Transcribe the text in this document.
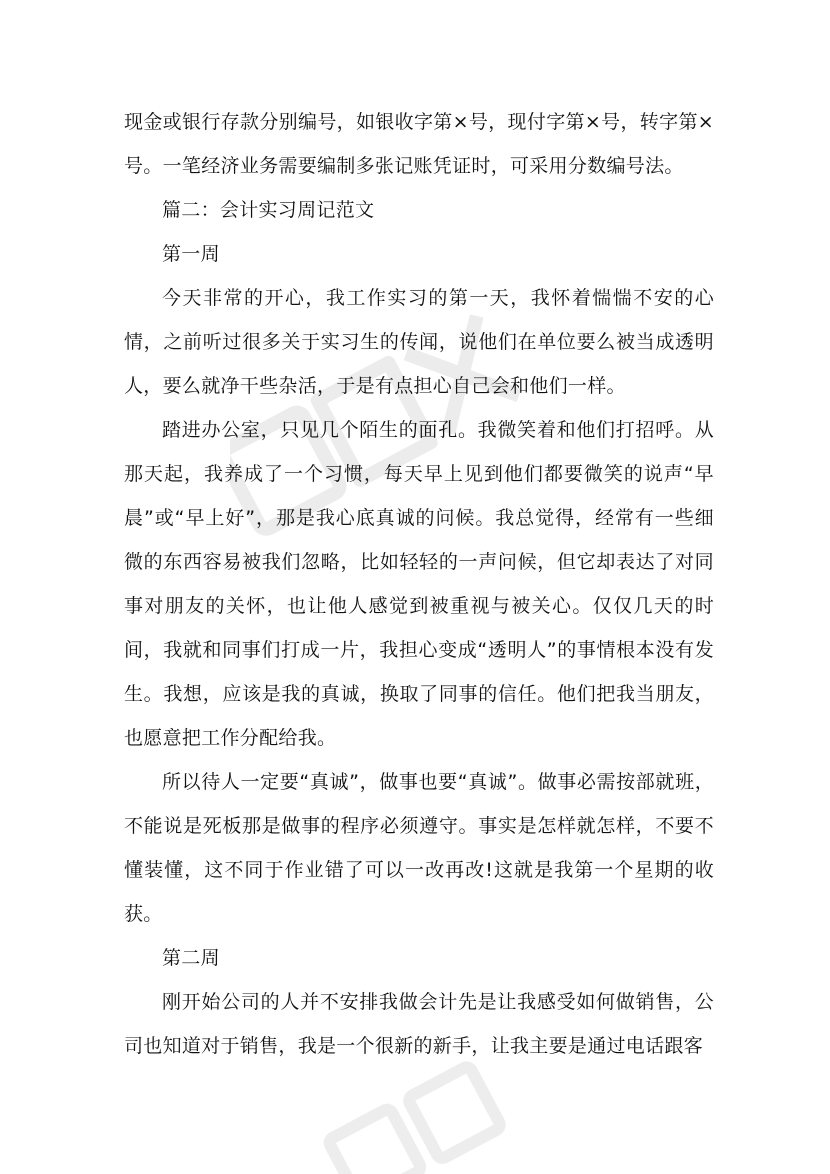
现金或银行存款分别编号，如银收字第×号，现付字第×号，转字第×号。一笔经济业务需要编制多张记账凭证时，可采用分数编号法。

篇二：会计实习周记范文

第一周

今天非常的开心，我工作实习的第一天，我怀着惴惴不安的心情，之前听过很多关于实习生的传闻，说他们在单位要么被当成透明人，要么就净干些杂活，于是有点担心自己会和他们一样。

踏进办公室，只见几个陌生的面孔。我微笑着和他们打招呼。从那天起，我养成了一个习惯，每天早上见到他们都要微笑的说声“早晨”或“早上好”，那是我心底真诚的问候。我总觉得，经常有一些细微的东西容易被我们忽略，比如轻轻的一声问候，但它却表达了对同事对朋友的关怀，也让他人感觉到被重视与被关心。仅仅几天的时间，我就和同事们打成一片，我担心变成“透明人”的事情根本没有发生。我想，应该是我的真诚，换取了同事的信任。他们把我当朋友，也愿意把工作分配给我。

所以待人一定要“真诚”，做事也要“真诚”。做事必需按部就班，不能说是死板那是做事的程序必须遵守。事实是怎样就怎样，不要不懂装懂，这不同于作业错了可以一改再改!这就是我第一个星期的收获。

第二周

刚开始公司的人并不安排我做会计先是让我感受如何做销售，公司也知道对于销售，我是一个很新的新手，让我主要是通过电话跟客
